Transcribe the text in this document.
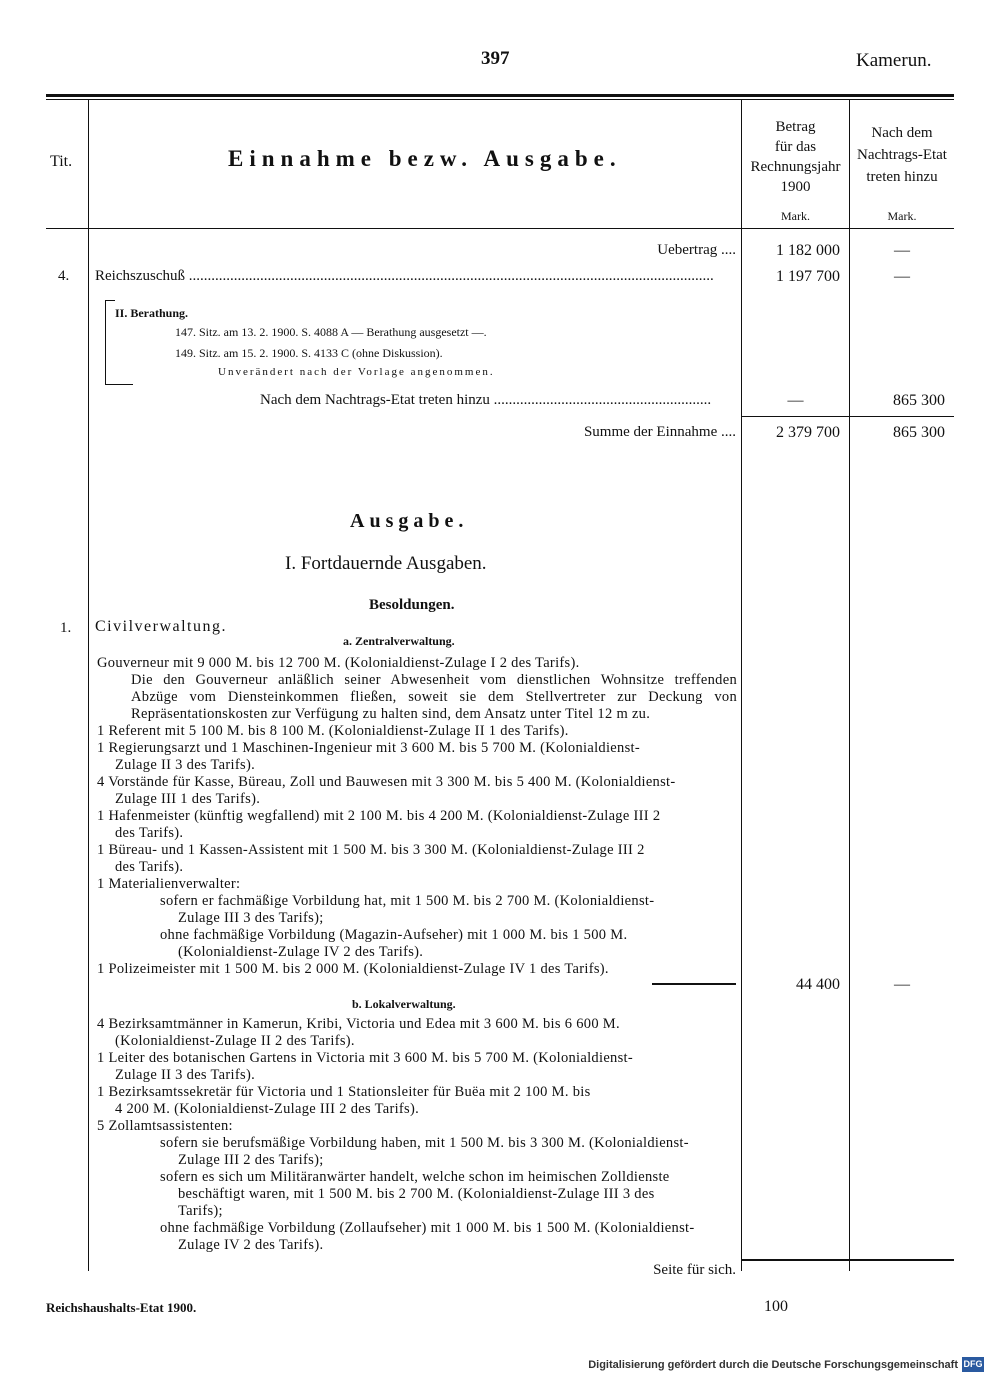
397	Kamerun.
Tit.	Einnahme bezw. Ausgabe.
Betrag
für das
Rechnungsjahr
1900
Mark.
Nach dem
Nachtrags-Etat
treten hinzu
Mark.
Uebertrag ....	1 182 000	—
4. Reichszuschuß ............................................................................................................................................	1 197 700	—
II. Berathung.
147. Sitz. am 13. 2. 1900. S. 4088 A — Berathung ausgesetzt —.
149. Sitz. am 15. 2. 1900. S. 4133 C (ohne Diskussion).
Unverändert nach der Vorlage angenommen.
Nach dem Nachtrags-Etat treten hinzu ..........................................................	—	865 300
Summe der Einnahme ....	2 379 700	865 300
Ausgabe.
I. Fortdauernde Ausgaben.
Besoldungen.
1. Civilverwaltung.
a. Zentralverwaltung.
Gouverneur mit 9 000 M. bis 12 700 M. (Kolonialdienst-Zulage I 2 des Tarifs).
Die den Gouverneur anläßlich seiner Abwesenheit vom dienstlichen Wohnsitze treffenden
Abzüge vom Diensteinkommen fließen, soweit sie dem Stellvertreter zur Deckung von
Repräsentationskosten zur Verfügung zu halten sind, dem Ansatz unter Titel 12 m zu.
1 Referent mit 5 100 M. bis 8 100 M. (Kolonialdienst-Zulage II 1 des Tarifs).
1 Regierungsarzt und 1 Maschinen-Ingenieur mit 3 600 M. bis 5 700 M. (Kolonialdienst-
Zulage II 3 des Tarifs).
4 Vorstände für Kasse, Büreau, Zoll und Bauwesen mit 3 300 M. bis 5 400 M. (Kolonialdienst-
Zulage III 1 des Tarifs).
1 Hafenmeister (künftig wegfallend) mit 2 100 M. bis 4 200 M. (Kolonialdienst-Zulage III 2
des Tarifs).
1 Büreau- und 1 Kassen-Assistent mit 1 500 M. bis 3 300 M. (Kolonialdienst-Zulage III 2
des Tarifs).
1 Materialienverwalter:
sofern er fachmäßige Vorbildung hat, mit 1 500 M. bis 2 700 M. (Kolonialdienst-
Zulage III 3 des Tarifs);
ohne fachmäßige Vorbildung (Magazin-Aufseher) mit 1 000 M. bis 1 500 M.
(Kolonialdienst-Zulage IV 2 des Tarifs).
1 Polizeimeister mit 1 500 M. bis 2 000 M. (Kolonialdienst-Zulage IV 1 des Tarifs).
44 400	—
b. Lokalverwaltung.
4 Bezirksamtmänner in Kamerun, Kribi, Victoria und Edea mit 3 600 M. bis 6 600 M.
(Kolonialdienst-Zulage II 2 des Tarifs).
1 Leiter des botanischen Gartens in Victoria mit 3 600 M. bis 5 700 M. (Kolonialdienst-
Zulage II 3 des Tarifs).
1 Bezirksamtssekretär für Victoria und 1 Stationsleiter für Buëa mit 2 100 M. bis
4 200 M. (Kolonialdienst-Zulage III 2 des Tarifs).
5 Zollamtsassistenten:
sofern sie berufsmäßige Vorbildung haben, mit 1 500 M. bis 3 300 M. (Kolonialdienst-
Zulage III 2 des Tarifs);
sofern es sich um Militäranwärter handelt, welche schon im heimischen Zolldienste
beschäftigt waren, mit 1 500 M. bis 2 700 M. (Kolonialdienst-Zulage III 3 des
Tarifs);
ohne fachmäßige Vorbildung (Zollaufseher) mit 1 000 M. bis 1 500 M. (Kolonialdienst-
Zulage IV 2 des Tarifs).
Seite für sich.
Reichshaushalts-Etat 1900.	100
Digitalisierung gefördert durch die Deutsche Forschungsgemeinschaft DFG
